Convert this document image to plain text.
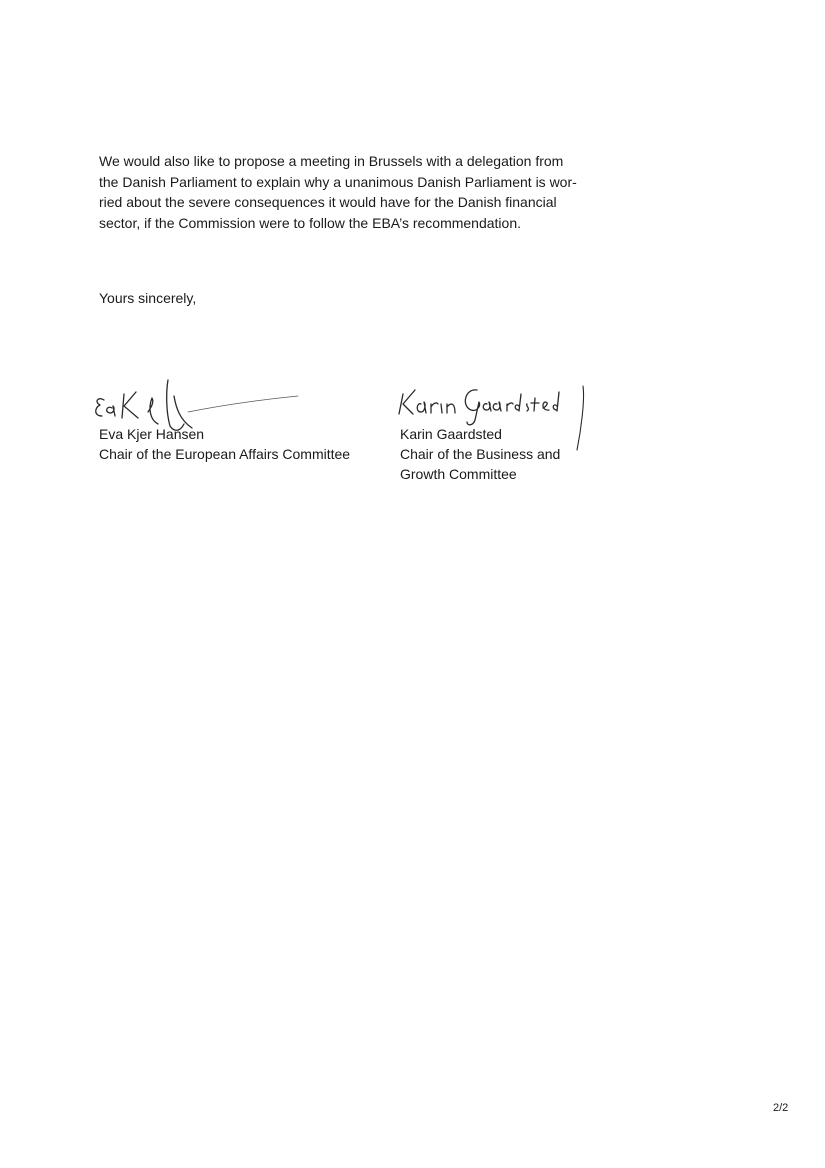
We would also like to propose a meeting in Brussels with a delegation from
the Danish Parliament to explain why a unanimous Danish Parliament is wor-
ried about the severe consequences it would have for the Danish financial
sector, if the Commission were to follow the EBA’s recommendation.
Yours sincerely,
Eva Kjer Hansen
Chair of the European Affairs Committee
Karin Gaardsted
Chair of the Business and
Growth Committee
2/2
